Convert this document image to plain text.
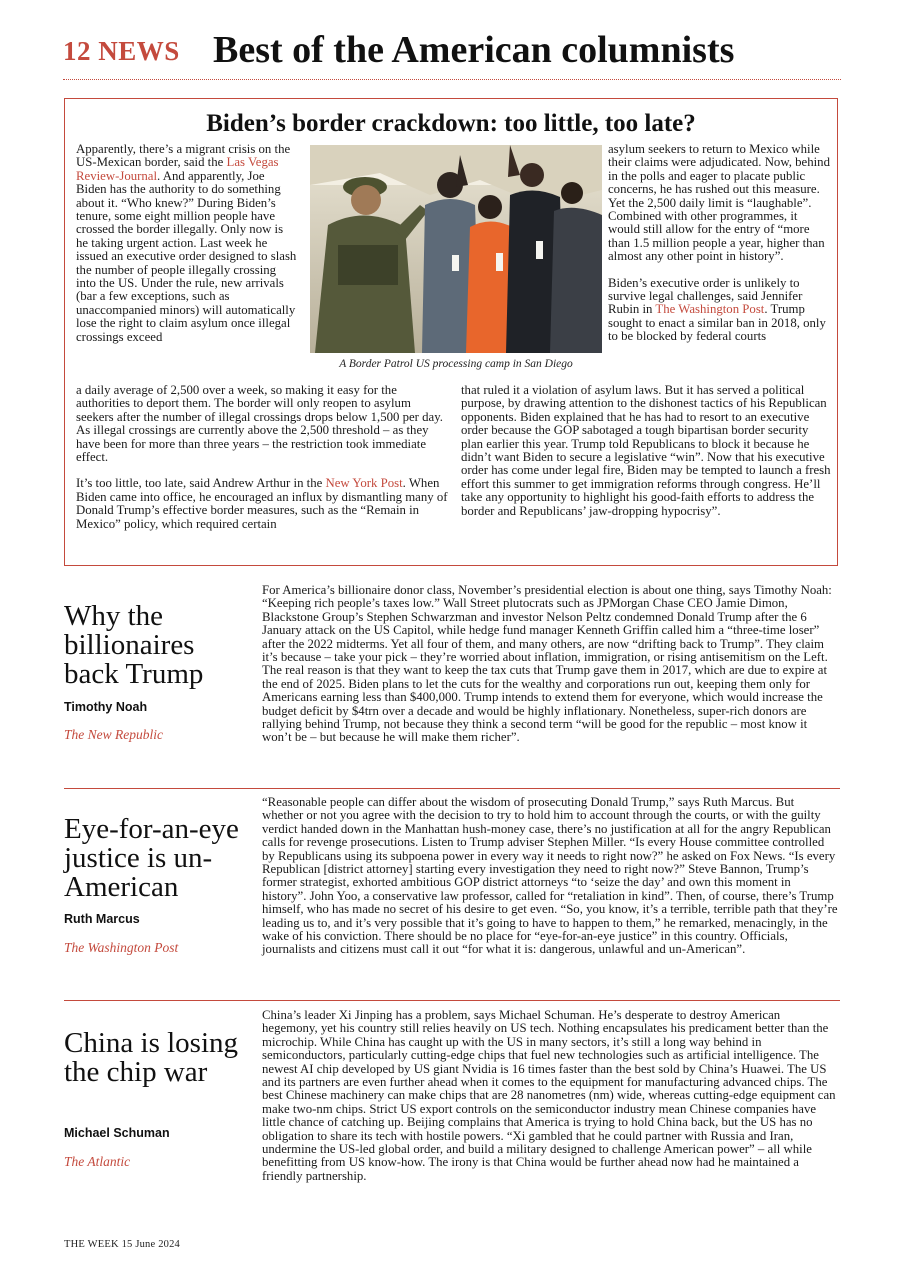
12 NEWS Best of the American columnists
Biden’s border crackdown: too little, too late?
Apparently, there’s a migrant crisis on the US-Mexican border, said the Las Vegas Review-Journal. And apparently, Joe Biden has the authority to do something about it. “Who knew?” During Biden’s tenure, some eight million people have crossed the border illegally. Only now is he taking urgent action. Last week he issued an executive order designed to slash the number of people illegally crossing into the US. Under the rule, new arrivals (bar a few exceptions, such as unaccompanied minors) will automatically lose the right to claim asylum once illegal crossings exceed
A Border Patrol US processing camp in San Diego

asylum seekers to return to Mexico while their claims were adjudicated. Now, behind in the polls and eager to placate public concerns, he has rushed out this measure. Yet the 2,500 daily limit is “laughable”. Combined with other programmes, it would still allow for the entry of “more than 1.5 million people a year, higher than almost any other point in history”.

Biden’s executive order is unlikely to survive legal challenges, said Jennifer Rubin in The Washington Post. Trump sought to enact a similar ban in 2018, only to be blocked by federal courts

a daily average of 2,500 over a week, so making it easy for the authorities to deport them. The border will only reopen to asylum seekers after the number of illegal crossings drops below 1,500 per day. As illegal crossings are currently above the 2,500 threshold – as they have been for more than three years – the restriction took immediate effect.

It’s too little, too late, said Andrew Arthur in the New York Post. When Biden came into office, he encouraged an influx by dismantling many of Donald Trump’s effective border measures, such as the “Remain in Mexico” policy, which required certain

that ruled it a violation of asylum laws. But it has served a political purpose, by drawing attention to the dishonest tactics of his Republican opponents. Biden explained that he has had to resort to an executive order because the GOP sabotaged a tough bipartisan border security plan earlier this year. Trump told Republicans to block it because he didn’t want Biden to secure a legislative “win”. Now that his executive order has come under legal fire, Biden may be tempted to launch a fresh effort this summer to get immigration reforms through congress. He’ll take any opportunity to highlight his good-faith efforts to address the border and Republicans’ jaw-dropping hypocrisy”.

Why the billionaires back Trump
Timothy Noah
The New Republic
For America’s billionaire donor class, November’s presidential election is about one thing, says Timothy Noah: “Keeping rich people’s taxes low.” Wall Street plutocrats such as JPMorgan Chase CEO Jamie Dimon, Blackstone Group’s Stephen Schwarzman and investor Nelson Peltz condemned Donald Trump after the 6 January attack on the US Capitol, while hedge fund manager Kenneth Griffin called him a “three-time loser” after the 2022 midterms. Yet all four of them, and many others, are now “drifting back to Trump”. They claim it’s because – take your pick – they’re worried about inflation, immigration, or rising antisemitism on the Left. The real reason is that they want to keep the tax cuts that Trump gave them in 2017, which are due to expire at the end of 2025. Biden plans to let the cuts for the wealthy and corporations run out, keeping them only for Americans earning less than $400,000. Trump intends to extend them for everyone, which would increase the budget deficit by $4trn over a decade and would be highly inflationary. Nonetheless, super-rich donors are rallying behind Trump, not because they think a second term “will be good for the republic – most know it won’t be – but because he will make them richer”.
Eye-for-an-eye justice is un-American
Ruth Marcus
The Washington Post
“Reasonable people can differ about the wisdom of prosecuting Donald Trump,” says Ruth Marcus. But whether or not you agree with the decision to try to hold him to account through the courts, or with the guilty verdict handed down in the Manhattan hush-money case, there’s no justification at all for the angry Republican calls for revenge prosecutions. Listen to Trump adviser Stephen Miller. “Is every House committee controlled by Republicans using its subpoena power in every way it needs to right now?” he asked on Fox News. “Is every Republican [district attorney] starting every investigation they need to right now?” Steve Bannon, Trump’s former strategist, exhorted ambitious GOP district attorneys “to ‘seize the day’ and own this moment in history”. John Yoo, a conservative law professor, called for “retaliation in kind”. Then, of course, there’s Trump himself, who has made no secret of his desire to get even. “So, you know, it’s a terrible, terrible path that they’re leading us to, and it’s very possible that it’s going to have to happen to them,” he remarked, menacingly, in the wake of his conviction. There should be no place for “eye-for-an-eye justice” in this country. Officials, journalists and citizens must call it out “for what it is: dangerous, unlawful and un-American”.
China is losing the chip war
Michael Schuman
The Atlantic
China’s leader Xi Jinping has a problem, says Michael Schuman. He’s desperate to destroy American hegemony, yet his country still relies heavily on US tech. Nothing encapsulates his predicament better than the microchip. While China has caught up with the US in many sectors, it’s still a long way behind in semiconductors, particularly cutting-edge chips that fuel new technologies such as artificial intelligence. The newest AI chip developed by US giant Nvidia is 16 times faster than the best sold by China’s Huawei. The US and its partners are even further ahead when it comes to the equipment for manufacturing advanced chips. The best Chinese machinery can make chips that are 28 nanometres (nm) wide, whereas cutting-edge equipment can make two-nm chips. Strict US export controls on the semiconductor industry mean Chinese companies have little chance of catching up. Beijing complains that America is trying to hold China back, but the US has no obligation to share its tech with hostile powers. “Xi gambled that he could partner with Russia and Iran, undermine the US-led global order, and build a military designed to challenge American power” – all while benefitting from US know-how. The irony is that China would be further ahead now had he maintained a friendly partnership.
THE WEEK 15 June 2024
